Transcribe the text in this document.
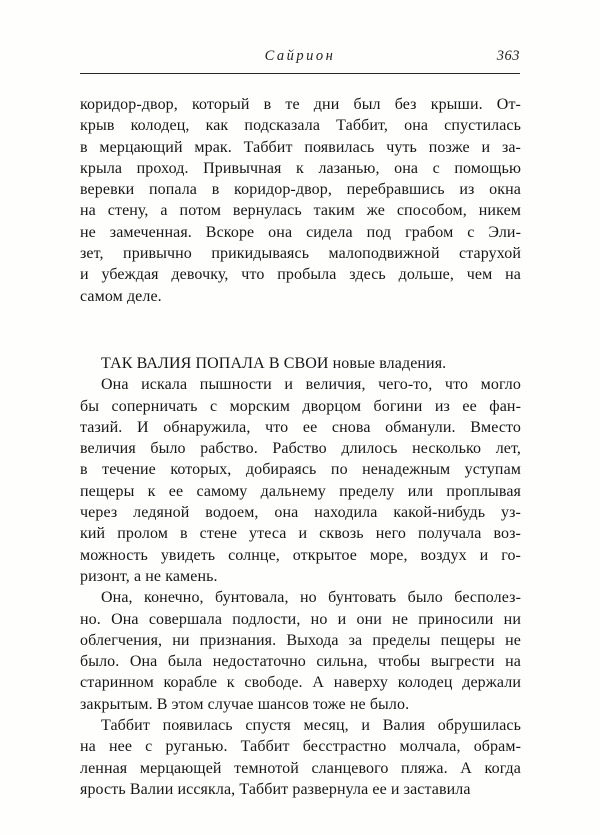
Сайрион	363

коридор-двор, который в те дни был без крыши. От-
крыв колодец, как подсказала Таббит, она спустилась
в мерцающий мрак. Таббит появилась чуть позже и за-
крыла проход. Привычная к лазанью, она с помощью
веревки попала в коридор-двор, перебравшись из окна
на стену, а потом вернулась таким же способом, никем
не замеченная. Вскоре она сидела под грабом с Эли-
зет, привычно прикидываясь малоподвижной старухой
и убеждая девочку, что пробыла здесь дольше, чем на
самом деле.

ТАК ВАЛИЯ ПОПАЛА В СВОИ новые владения.

Она искала пышности и величия, чего-то, что могло
бы соперничать с морским дворцом богини из ее фан-
тазий. И обнаружила, что ее снова обманули. Вместо
величия было рабство. Рабство длилось несколько лет,
в течение которых, добираясь по ненадежным уступам
пещеры к ее самому дальнему пределу или проплывая
через ледяной водоем, она находила какой-нибудь уз-
кий пролом в стене утеса и сквозь него получала воз-
можность увидеть солнце, открытое море, воздух и го-
ризонт, а не камень.

Она, конечно, бунтовала, но бунтовать было бесполез-
но. Она совершала подлости, но и они не приносили ни
облегчения, ни признания. Выхода за пределы пещеры не
было. Она была недостаточно сильна, чтобы выгрести на
старинном корабле к свободе. А наверху колодец держали
закрытым. В этом случае шансов тоже не было.

Таббит появилась спустя месяц, и Валия обрушилась
на нее с руганью. Таббит бесстрастно молчала, обрам-
ленная мерцающей темнотой сланцевого пляжа. А когда
ярость Валии иссякла, Таббит развернула ее и заставила
